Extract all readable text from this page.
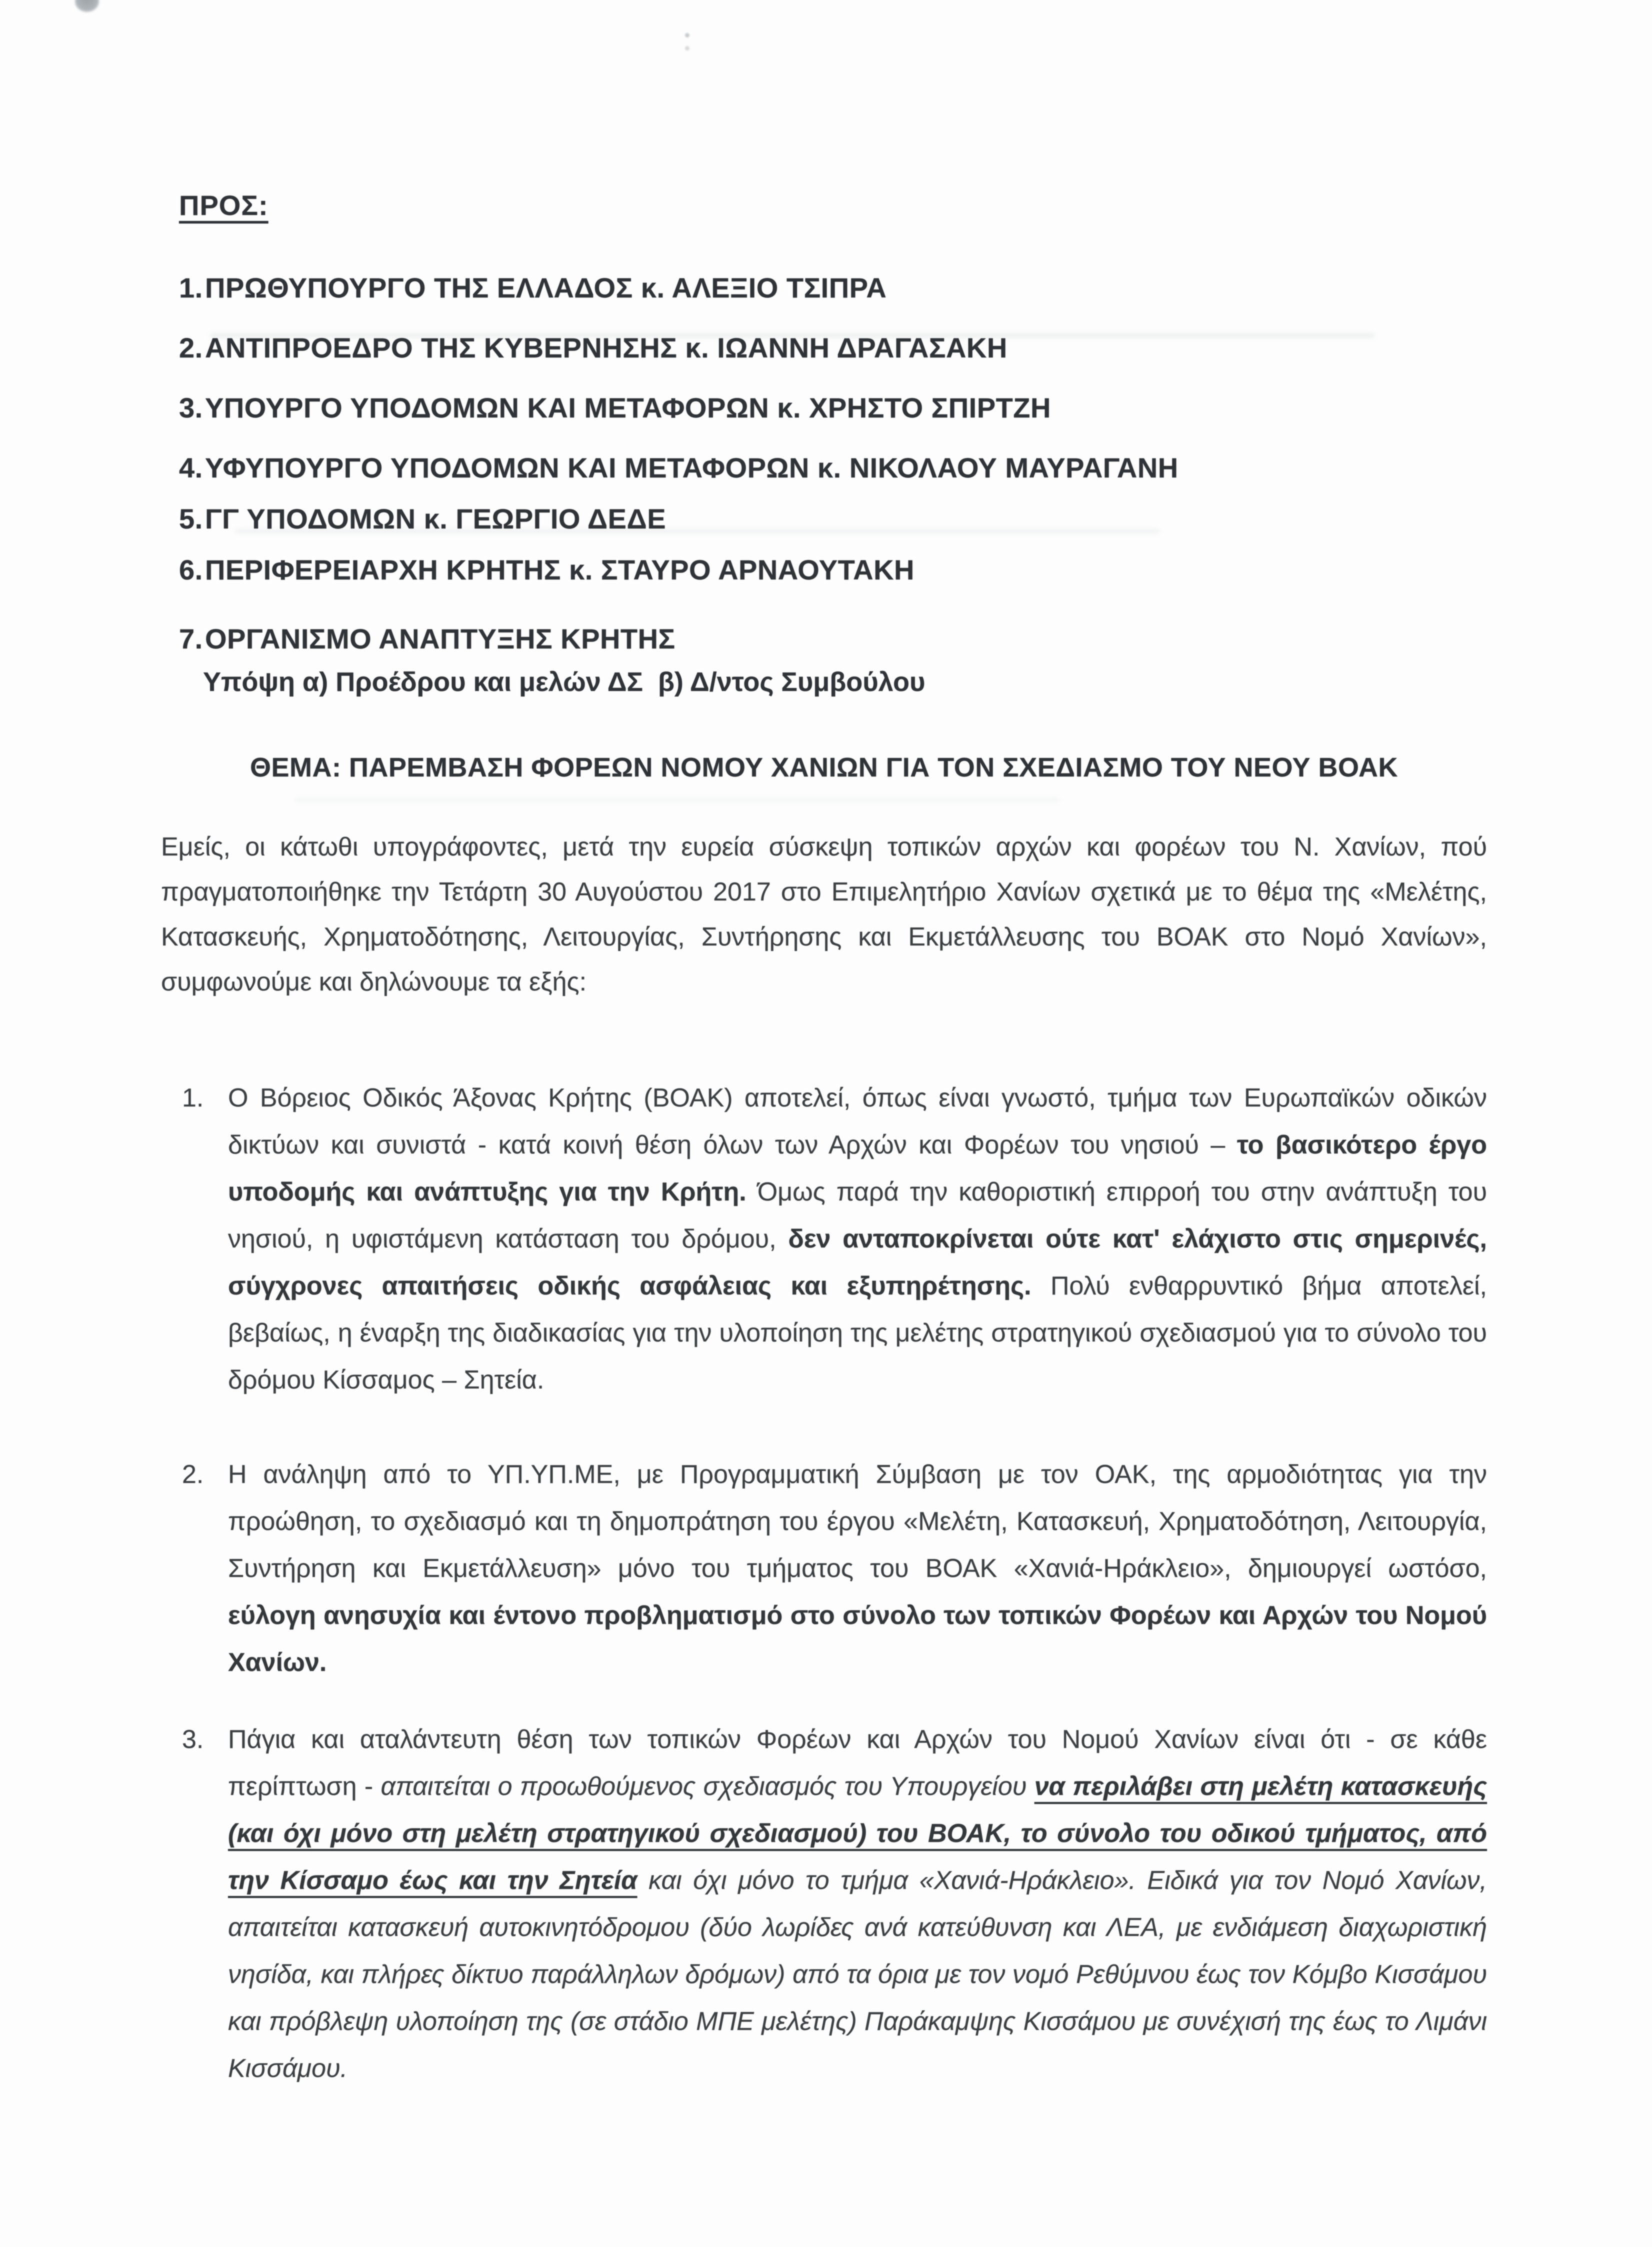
ΠΡΟΣ:
1. ΠΡΩΘΥΠΟΥΡΓΟ ΤΗΣ ΕΛΛΑΔΟΣ κ. ΑΛΕΞΙΟ ΤΣΙΠΡΑ
2. ΑΝΤΙΠΡΟΕΔΡΟ ΤΗΣ ΚΥΒΕΡΝΗΣΗΣ κ. ΙΩΑΝΝΗ ΔΡΑΓΑΣΑΚΗ
3. ΥΠΟΥΡΓΟ ΥΠΟΔΟΜΩΝ ΚΑΙ ΜΕΤΑΦΟΡΩΝ κ. ΧΡΗΣΤΟ ΣΠΙΡΤΖΗ
4. ΥΦΥΠΟΥΡΓΟ ΥΠΟΔΟΜΩΝ ΚΑΙ ΜΕΤΑΦΟΡΩΝ κ. ΝΙΚΟΛΑΟΥ ΜΑΥΡΑΓΑΝΗ
5. ΓΓ ΥΠΟΔΟΜΩΝ κ. ΓΕΩΡΓΙΟ ΔΕΔΕ
6. ΠΕΡΙΦΕΡΕΙΑΡΧΗ ΚΡΗΤΗΣ κ. ΣΤΑΥΡΟ ΑΡΝΑΟΥΤΑΚΗ
7. ΟΡΓΑΝΙΣΜΟ ΑΝΑΠΤΥΞΗΣ ΚΡΗΤΗΣ
Υπόψη α) Προέδρου και μελών ΔΣ  β) Δ/ντος Συμβούλου
ΘΕΜΑ: ΠΑΡΕΜΒΑΣΗ ΦΟΡΕΩΝ ΝΟΜΟΥ ΧΑΝΙΩΝ ΓΙΑ ΤΟΝ ΣΧΕΔΙΑΣΜΟ ΤΟΥ ΝΕΟΥ ΒΟΑΚ

Εμείς, οι κάτωθι υπογράφοντες, μετά την ευρεία σύσκεψη τοπικών αρχών και φορέων του Ν. Χανίων, πού πραγματοποιήθηκε την Τετάρτη 30 Αυγούστου 2017 στο Επιμελητήριο Χανίων σχετικά με το θέμα της «Μελέτης, Κατασκευής, Χρηματοδότησης, Λειτουργίας, Συντήρησης και Εκμετάλλευσης του ΒΟΑΚ στο Νομό Χανίων», συμφωνούμε και δηλώνουμε τα εξής:

1. Ο Βόρειος Οδικός Άξονας Κρήτης (ΒΟΑΚ) αποτελεί, όπως είναι γνωστό, τμήμα των Ευρωπαϊκών οδικών δικτύων και συνιστά - κατά κοινή θέση όλων των Αρχών και Φορέων του νησιού – το βασικότερο έργο υποδομής και ανάπτυξης για την Κρήτη. Όμως παρά την καθοριστική επιρροή του στην ανάπτυξη του νησιού, η υφιστάμενη κατάσταση του δρόμου, δεν ανταποκρίνεται ούτε κατ' ελάχιστο στις σημερινές, σύγχρονες απαιτήσεις οδικής ασφάλειας και εξυπηρέτησης. Πολύ ενθαρρυντικό βήμα αποτελεί, βεβαίως, η έναρξη της διαδικασίας για την υλοποίηση της μελέτης στρατηγικού σχεδιασμού για το σύνολο του δρόμου Κίσσαμος – Σητεία.
2. Η ανάληψη από το ΥΠ.ΥΠ.ΜΕ, με Προγραμματική Σύμβαση με τον ΟΑΚ, της αρμοδιότητας για την προώθηση, το σχεδιασμό και τη δημοπράτηση του έργου «Μελέτη, Κατασκευή, Χρηματοδότηση, Λειτουργία, Συντήρηση και Εκμετάλλευση» μόνο του τμήματος του ΒΟΑΚ «Χανιά-Ηράκλειο», δημιουργεί ωστόσο, εύλογη ανησυχία και έντονο προβληματισμό στο σύνολο των τοπικών Φορέων και Αρχών του Νομού Χανίων.
3. Πάγια και αταλάντευτη θέση των τοπικών Φορέων και Αρχών του Νομού Χανίων είναι ότι - σε κάθε περίπτωση - απαιτείται ο προωθούμενος σχεδιασμός του Υπουργείου να περιλάβει στη μελέτη κατασκευής (και όχι μόνο στη μελέτη στρατηγικού σχεδιασμού) του ΒΟΑΚ, το σύνολο του οδικού τμήματος, από την Κίσσαμο έως και την Σητεία και όχι μόνο το τμήμα «Χανιά-Ηράκλειο». Ειδικά για τον Νομό Χανίων, απαιτείται κατασκευή αυτοκινητόδρομου (δύο λωρίδες ανά κατεύθυνση και ΛΕΑ, με ενδιάμεση διαχωριστική νησίδα, και πλήρες δίκτυο παράλληλων δρόμων) από τα όρια με τον νομό Ρεθύμνου έως τον Κόμβο Κισσάμου και πρόβλεψη υλοποίηση της (σε στάδιο ΜΠΕ μελέτης) Παράκαμψης Κισσάμου με συνέχισή της έως το Λιμάνι Κισσάμου.
